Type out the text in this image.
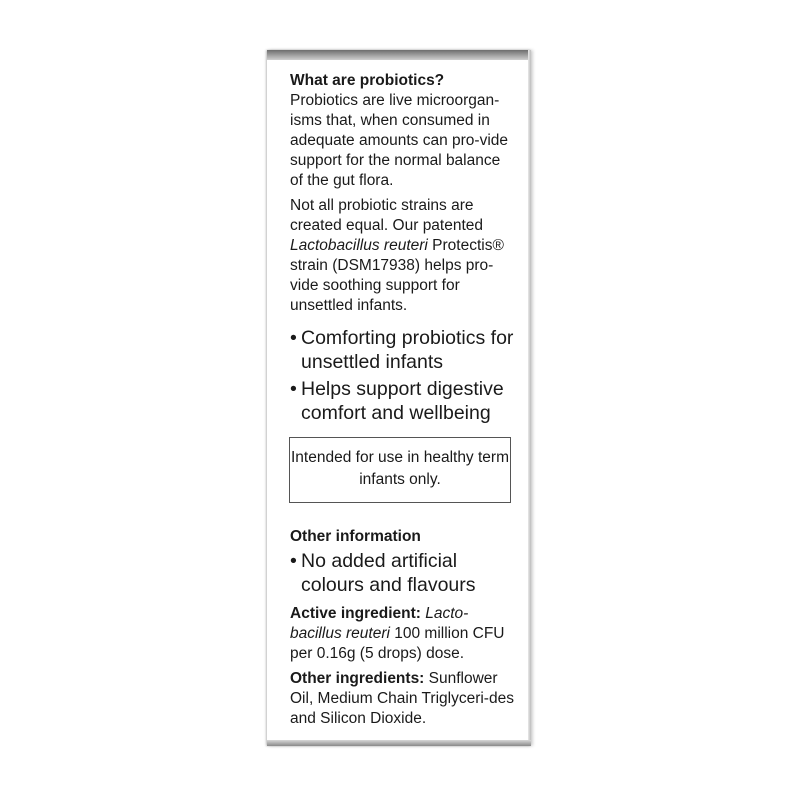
What are probiotics?

Probiotics are live microorgan-isms that, when consumed in adequate amounts can pro-vide support for the normal balance of the gut flora.

Not all probiotic strains are created equal. Our patented Lactobacillus reuteri Protectis® strain (DSM17938) helps pro-vide soothing support for unsettled infants.

• Comforting probiotics for unsettled infants
• Helps support digestive comfort and wellbeing
Intended for use in healthy term infants only.

Other information

• No added artificial colours and flavours

Active ingredient: Lacto-bacillus reuteri 100 million CFU per 0.16g (5 drops) dose.

Other ingredients: Sunflower Oil, Medium Chain Triglyceri-des and Silicon Dioxide.
